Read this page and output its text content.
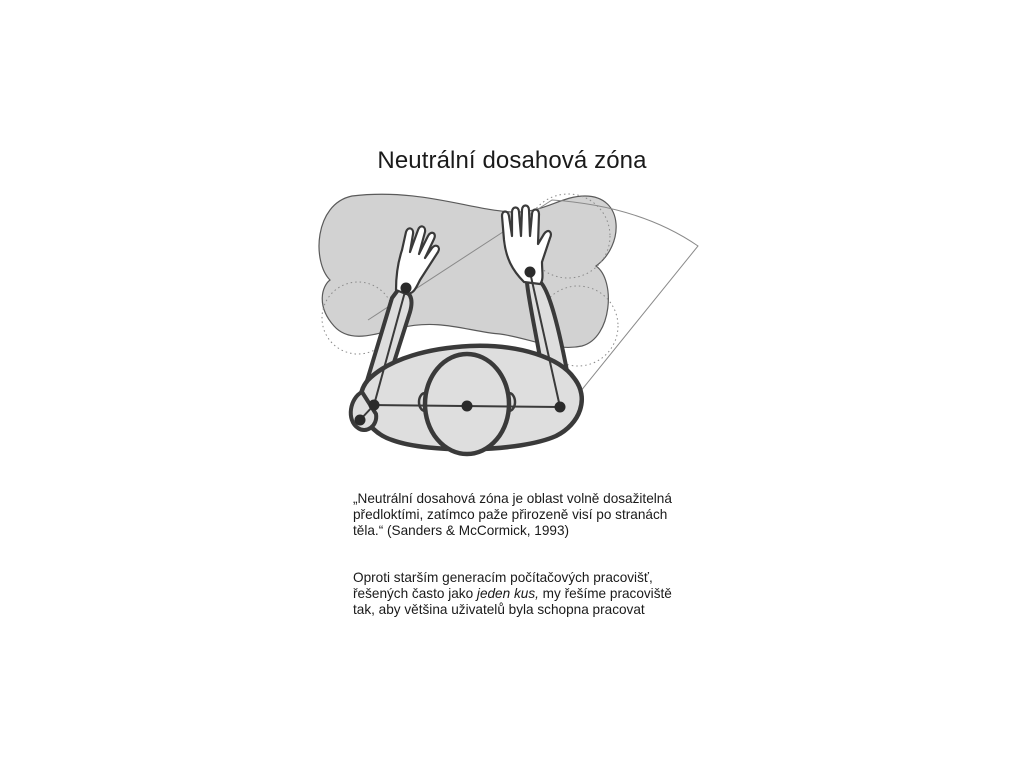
Neutrální dosahová zóna
„Neutrální dosahová zóna je oblast volně dosažitelná
předloktími, zatímco paže přirozeně visí po stranách
těla.“ (Sanders & McCormick, 1993)
Oproti starším generacím počítačových pracovišť,
řešených často jako jeden kus, my řešíme pracoviště
tak, aby většina uživatelů byla schopna pracovat
